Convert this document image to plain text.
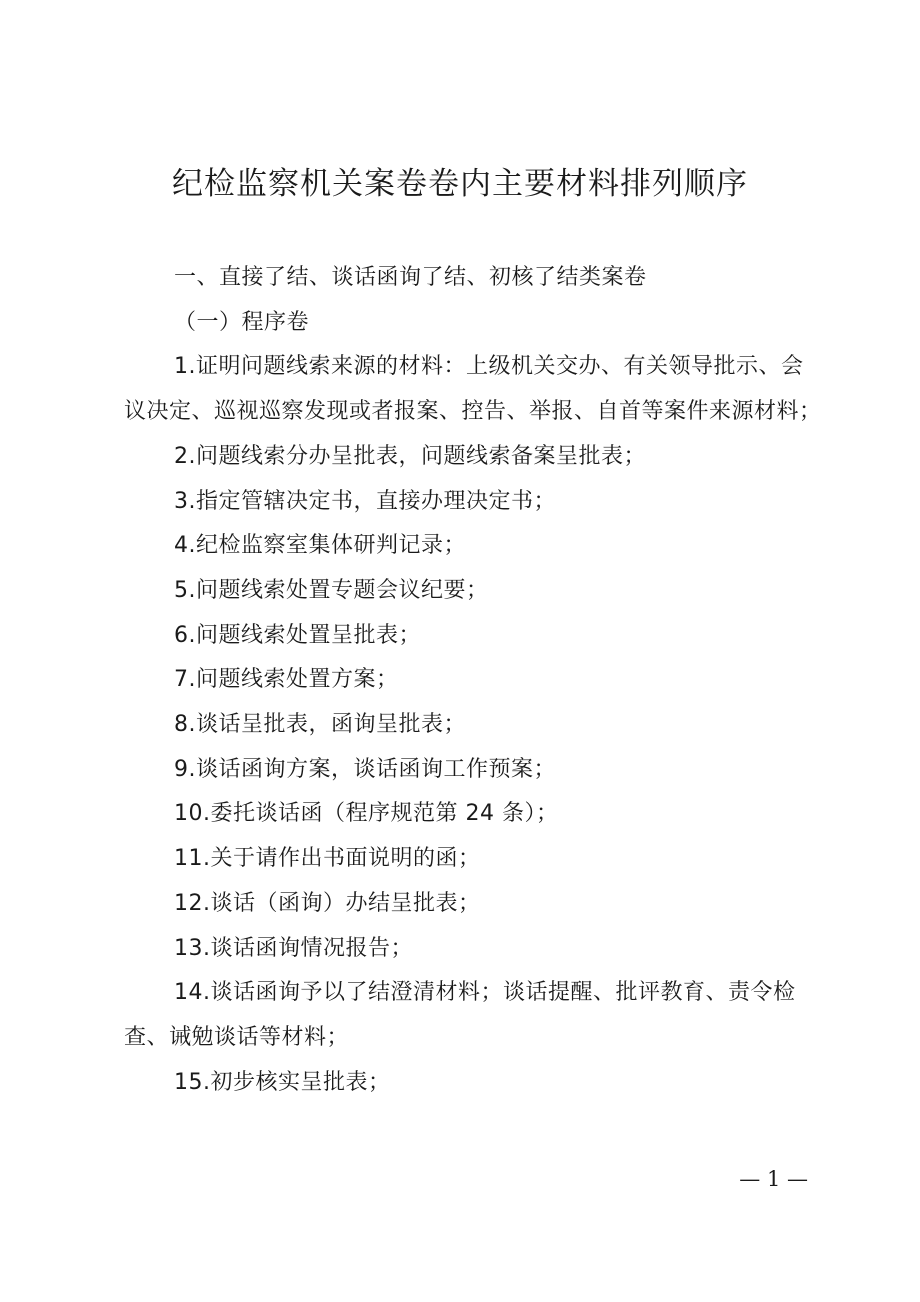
纪检监察机关案卷卷内主要材料排列顺序

一、直接了结、谈话函询了结、初核了结类案卷

（一）程序卷

1.证明问题线索来源的材料：上级机关交办、有关领导批示、会议决定、巡视巡察发现或者报案、控告、举报、自首等案件来源材料；

2.问题线索分办呈批表，问题线索备案呈批表；

3.指定管辖决定书，直接办理决定书；

4.纪检监察室集体研判记录；

5.问题线索处置专题会议纪要；

6.问题线索处置呈批表；

7.问题线索处置方案；

8.谈话呈批表，函询呈批表；

9.谈话函询方案，谈话函询工作预案；

10.委托谈话函（程序规范第 24 条）；

11.关于请作出书面说明的函；

12.谈话（函询）办结呈批表；

13.谈话函询情况报告；

14.谈话函询予以了结澄清材料；谈话提醒、批评教育、责令检查、诫勉谈话等材料；

15.初步核实呈批表；

— 1 —
